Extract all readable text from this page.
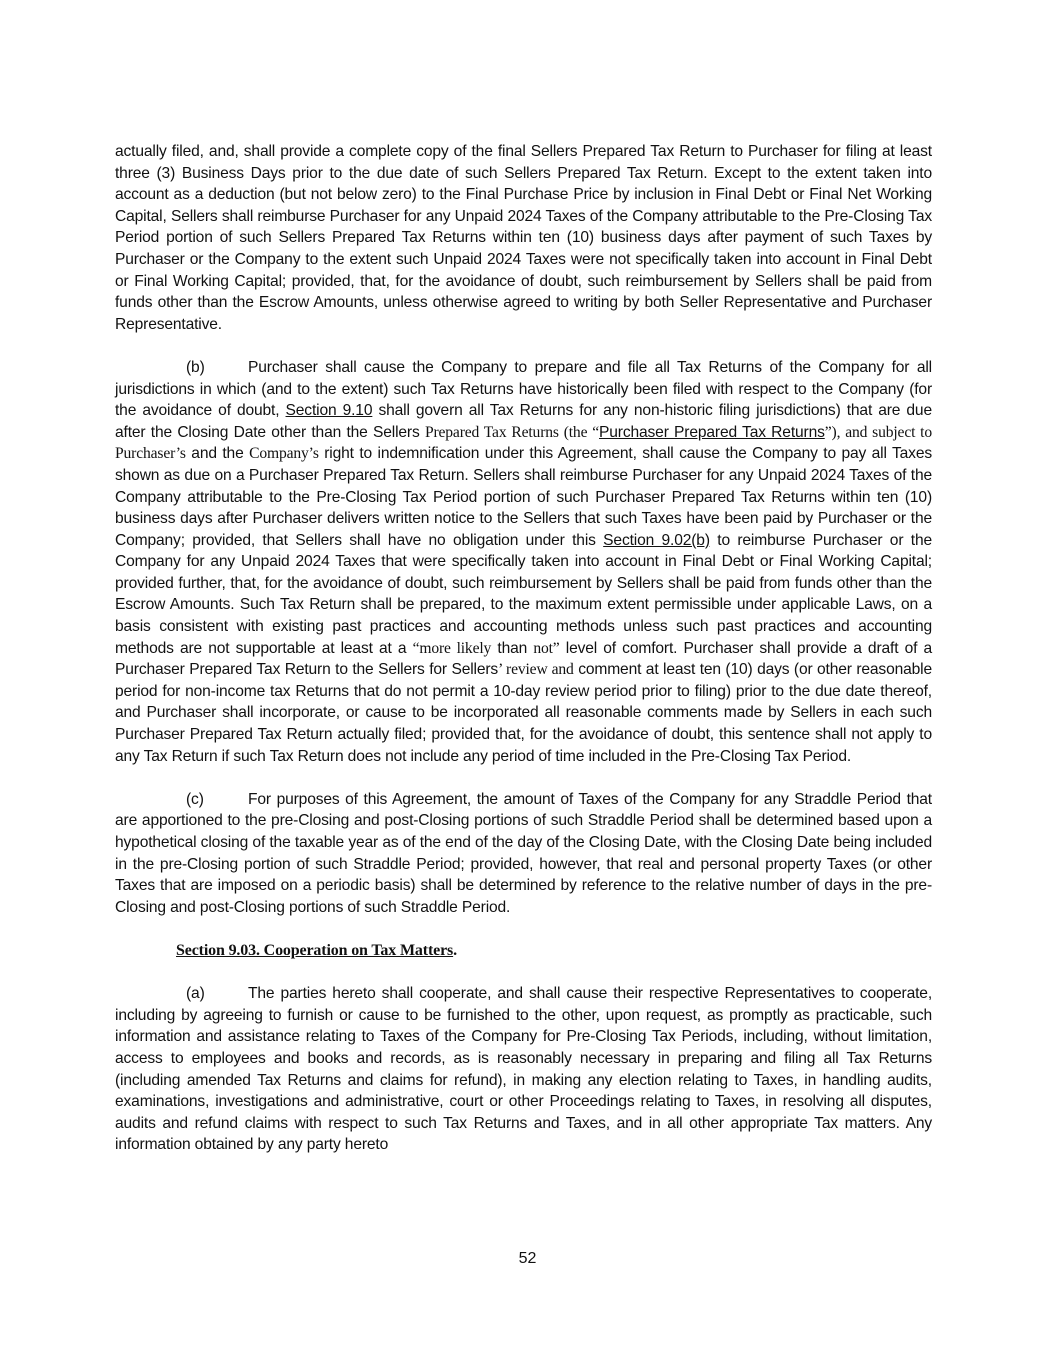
actually filed, and, shall provide a complete copy of the final Sellers Prepared Tax Return to Purchaser for filing at least three (3) Business Days prior to the due date of such Sellers Prepared Tax Return. Except to the extent taken into account as a deduction (but not below zero) to the Final Purchase Price by inclusion in Final Debt or Final Net Working Capital, Sellers shall reimburse Purchaser for any Unpaid 2024 Taxes of the Company attributable to the Pre-Closing Tax Period portion of such Sellers Prepared Tax Returns within ten (10) business days after payment of such Taxes by Purchaser or the Company to the extent such Unpaid 2024 Taxes were not specifically taken into account in Final Debt or Final Working Capital; provided, that, for the avoidance of doubt, such reimbursement by Sellers shall be paid from funds other than the Escrow Amounts, unless otherwise agreed to writing by both Seller Representative and Purchaser Representative.

(b)	Purchaser shall cause the Company to prepare and file all Tax Returns of the Company for all jurisdictions in which (and to the extent) such Tax Returns have historically been filed with respect to the Company (for the avoidance of doubt, Section 9.10 shall govern all Tax Returns for any non-historic filing jurisdictions) that are due after the Closing Date other than the Sellers Prepared Tax Returns (the “Purchaser Prepared Tax Returns”), and subject to Purchaser’s and the Company’s right to indemnification under this Agreement, shall cause the Company to pay all Taxes shown as due on a Purchaser Prepared Tax Return. Sellers shall reimburse Purchaser for any Unpaid 2024 Taxes of the Company attributable to the Pre-Closing Tax Period portion of such Purchaser Prepared Tax Returns within ten (10) business days after Purchaser delivers written notice to the Sellers that such Taxes have been paid by Purchaser or the Company; provided, that Sellers shall have no obligation under this Section 9.02(b) to reimburse Purchaser or the Company for any Unpaid 2024 Taxes that were specifically taken into account in Final Debt or Final Working Capital; provided further, that, for the avoidance of doubt, such reimbursement by Sellers shall be paid from funds other than the Escrow Amounts. Such Tax Return shall be prepared, to the maximum extent permissible under applicable Laws, on a basis consistent with existing past practices and accounting methods unless such past practices and accounting methods are not supportable at least at a “more likely than not” level of comfort. Purchaser shall provide a draft of a Purchaser Prepared Tax Return to the Sellers for Sellers’ review and comment at least ten (10) days (or other reasonable period for non-income tax Returns that do not permit a 10-day review period prior to filing) prior to the due date thereof, and Purchaser shall incorporate, or cause to be incorporated all reasonable comments made by Sellers in each such Purchaser Prepared Tax Return actually filed; provided that, for the avoidance of doubt, this sentence shall not apply to any Tax Return if such Tax Return does not include any period of time included in the Pre-Closing Tax Period.

(c)	For purposes of this Agreement, the amount of Taxes of the Company for any Straddle Period that are apportioned to the pre-Closing and post-Closing portions of such Straddle Period shall be determined based upon a hypothetical closing of the taxable year as of the end of the day of the Closing Date, with the Closing Date being included in the pre-Closing portion of such Straddle Period; provided, however, that real and personal property Taxes (or other Taxes that are imposed on a periodic basis) shall be determined by reference to the relative number of days in the pre-Closing and post-Closing portions of such Straddle Period.

Section 9.03. Cooperation on Tax Matters.

(a)	The parties hereto shall cooperate, and shall cause their respective Representatives to cooperate, including by agreeing to furnish or cause to be furnished to the other, upon request, as promptly as practicable, such information and assistance relating to Taxes of the Company for Pre-Closing Tax Periods, including, without limitation, access to employees and books and records, as is reasonably necessary in preparing and filing all Tax Returns (including amended Tax Returns and claims for refund), in making any election relating to Taxes, in handling audits, examinations, investigations and administrative, court or other Proceedings relating to Taxes, in resolving all disputes, audits and refund claims with respect to such Tax Returns and Taxes, and in all other appropriate Tax matters. Any information obtained by any party hereto

52
